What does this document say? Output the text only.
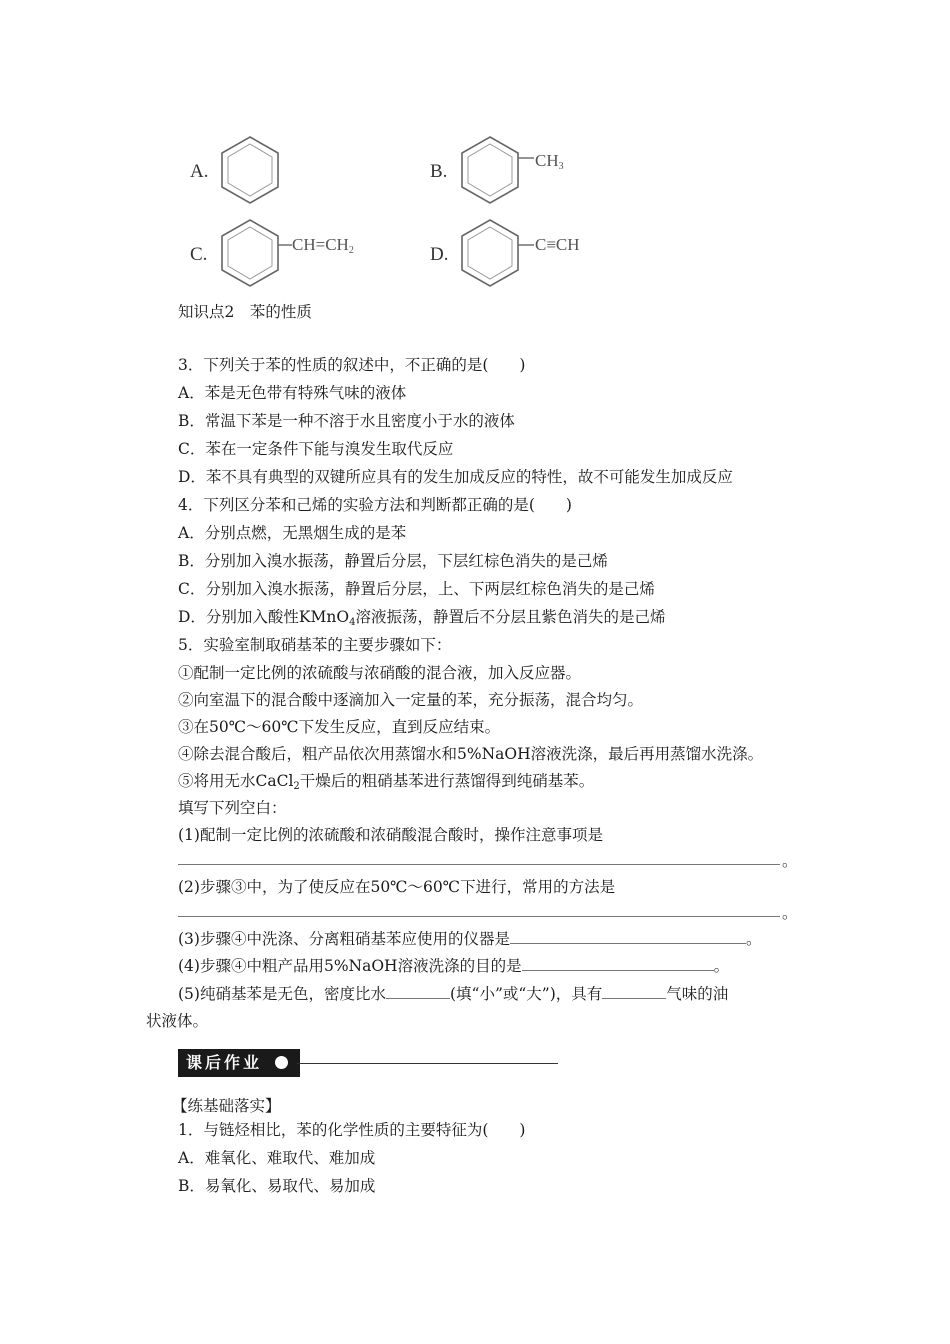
A.	B.
$CH_3$
C.	$CH=CH_2$	D.	C≡CH
知识点2　苯的性质
3．下列关于苯的性质的叙述中，不正确的是(　　)
A．苯是无色带有特殊气味的液体
B．常温下苯是一种不溶于水且密度小于水的液体
C．苯在一定条件下能与溴发生取代反应
D．苯不具有典型的双键所应具有的发生加成反应的特性，故不可能发生加成反应
4．下列区分苯和己烯的实验方法和判断都正确的是(　　)
A．分别点燃，无黑烟生成的是苯
B．分别加入溴水振荡，静置后分层，下层红棕色消失的是己烯
C．分别加入溴水振荡，静置后分层，上、下两层红棕色消失的是己烯
D．分别加入酸性KMnO$_4$溶液振荡，静置后不分层且紫色消失的是己烯
5．实验室制取硝基苯的主要步骤如下：
①配制一定比例的浓硫酸与浓硝酸的混合液，加入反应器。
②向室温下的混合酸中逐滴加入一定量的苯，充分振荡，混合均匀。
③在50℃～60℃下发生反应，直到反应结束。
④除去混合酸后，粗产品依次用蒸馏水和5%NaOH溶液洗涤，最后再用蒸馏水洗涤。
⑤将用无水CaCl$_2$干燥后的粗硝基苯进行蒸馏得到纯硝基苯。
填写下列空白：
(1)配制一定比例的浓硫酸和浓硝酸混合酸时，操作注意事项是
。
(2)步骤③中，为了使反应在50℃～60℃下进行，常用的方法是
。
(3)步骤④中洗涤、分离粗硝基苯应使用的仪器是	。
(4)步骤④中粗产品用5%NaOH溶液洗涤的目的是	。
(5)纯硝基苯是无色，密度比水	(填“小”或“大”)，具有	气味的油
状液体。
课后作业
【练基础落实】
1．与链烃相比，苯的化学性质的主要特征为(　　)
A．难氧化、难取代、难加成
B．易氧化、易取代、易加成
